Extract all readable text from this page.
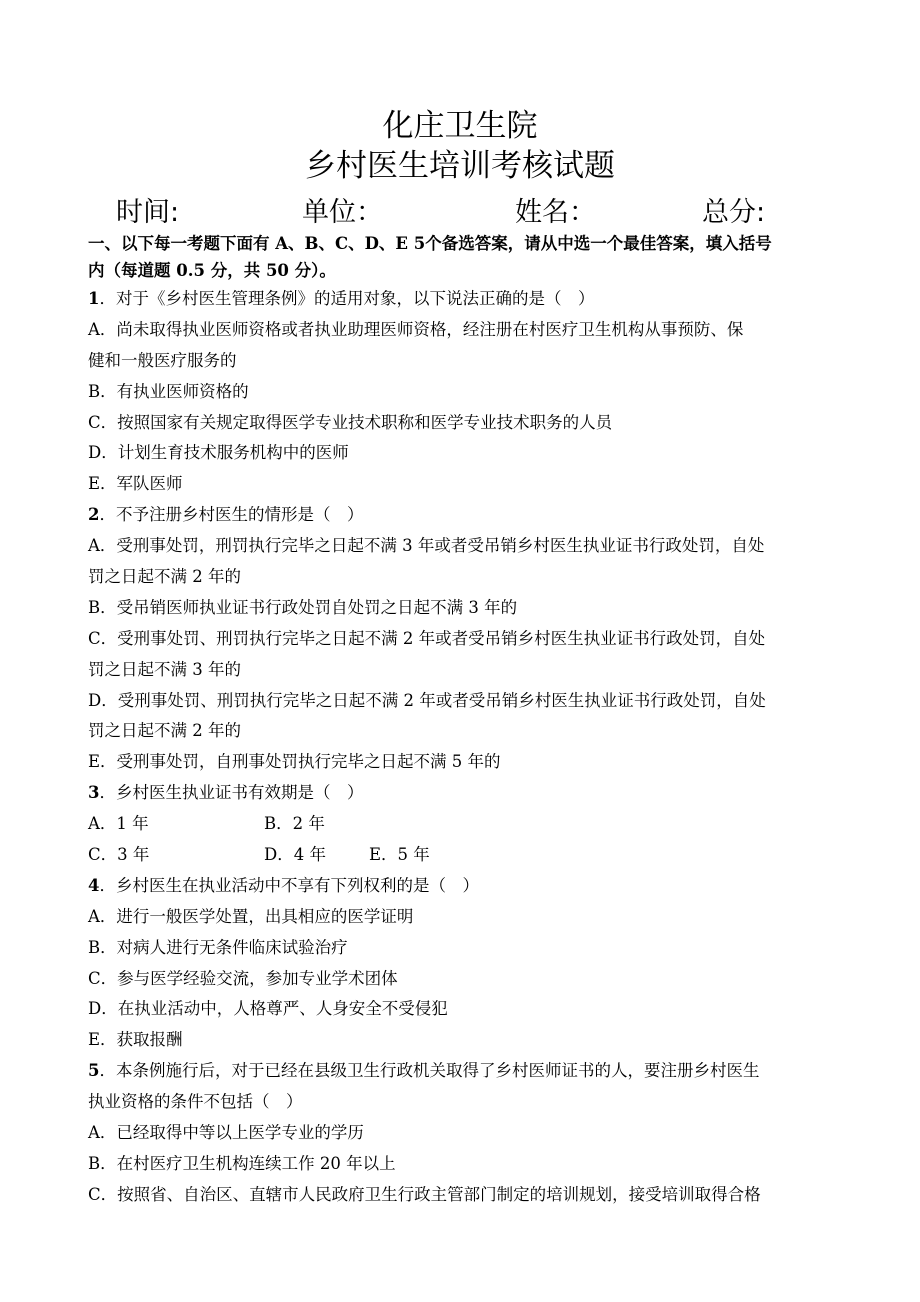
化庄卫生院
乡村医生培训考核试题
时间:	单位：	姓名：	总分:
一、以下每一考题下面有 A、B、C、D、E 5个备选答案，请从中选一个最佳答案，填入括号
内（每道题 0.5 分，共 50 分）。
1．对于《乡村医生管理条例》的适用对象，以下说法正确的是（　）
A．尚未取得执业医师资格或者执业助理医师资格，经注册在村医疗卫生机构从事预防、保
健和一般医疗服务的
B．有执业医师资格的
C．按照国家有关规定取得医学专业技术职称和医学专业技术职务的人员
D．计划生育技术服务机构中的医师
E．军队医师
2．不予注册乡村医生的情形是（　）
A．受刑事处罚，刑罚执行完毕之日起不满 3 年或者受吊销乡村医生执业证书行政处罚，自处
罚之日起不满 2 年的
B．受吊销医师执业证书行政处罚自处罚之日起不满 3 年的
C．受刑事处罚、刑罚执行完毕之日起不满 2 年或者受吊销乡村医生执业证书行政处罚，自处
罚之日起不满 3 年的
D．受刑事处罚、刑罚执行完毕之日起不满 2 年或者受吊销乡村医生执业证书行政处罚，自处
罚之日起不满 2 年的
E．受刑事处罚，自刑事处罚执行完毕之日起不满 5 年的
3．乡村医生执业证书有效期是（　）
A．1 年	B．2 年
C．3 年	D．4 年	E．5 年
4．乡村医生在执业活动中不享有下列权利的是（　）
A．进行一般医学处置，出具相应的医学证明
B．对病人进行无条件临床试验治疗
C．参与医学经验交流，参加专业学术团体
D．在执业活动中，人格尊严、人身安全不受侵犯
E．获取报酬
5．本条例施行后，对于已经在县级卫生行政机关取得了乡村医师证书的人，要注册乡村医生
执业资格的条件不包括（　）
A．已经取得中等以上医学专业的学历
B．在村医疗卫生机构连续工作 20 年以上
C．按照省、自治区、直辖市人民政府卫生行政主管部门制定的培训规划，接受培训取得合格
